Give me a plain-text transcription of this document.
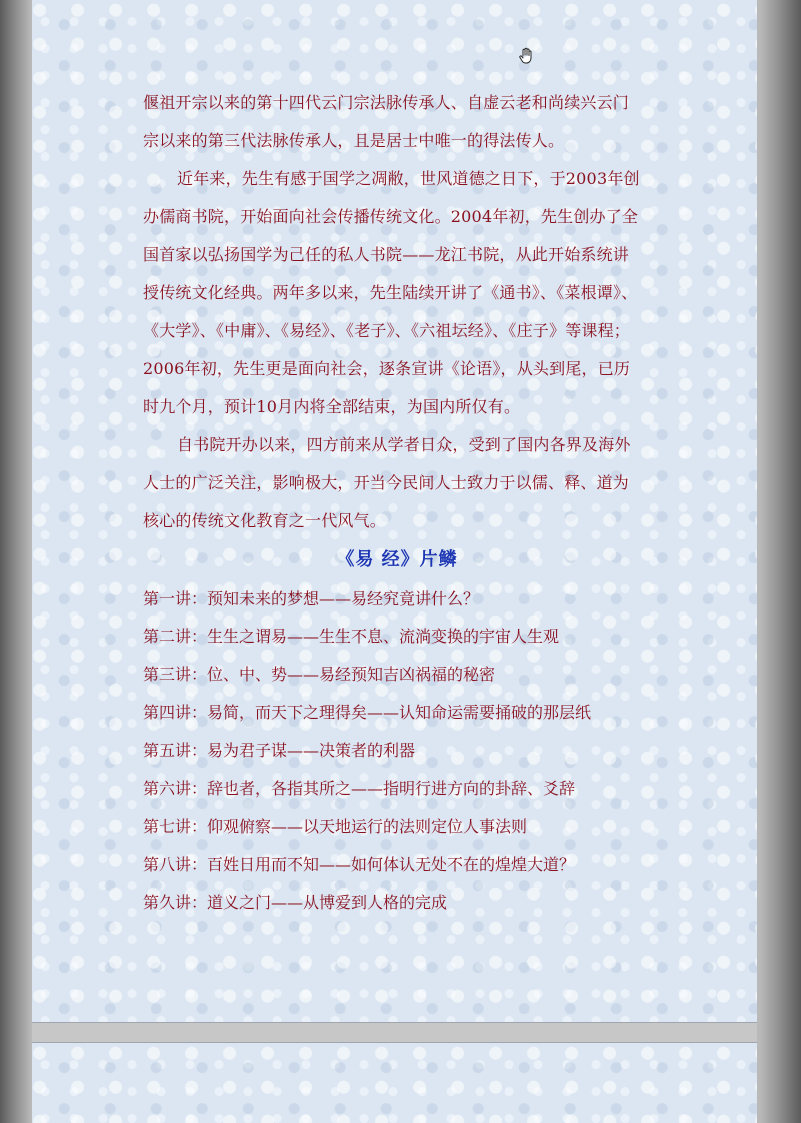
偃祖开宗以来的第十四代云门宗法脉传承人、自虚云老和尚续兴云门
宗以来的第三代法脉传承人，且是居士中唯一的得法传人。
近年来，先生有感于国学之凋敝，世风道德之日下，于2003年创
办儒商书院，开始面向社会传播传统文化。2004年初，先生创办了全
国首家以弘扬国学为己任的私人书院——龙江书院，从此开始系统讲
授传统文化经典。两年多以来，先生陆续开讲了《通书》、《菜根谭》、
《大学》、《中庸》、《易经》、《老子》、《六祖坛经》、《庄子》等课程；
2006年初，先生更是面向社会，逐条宣讲《论语》，从头到尾，已历
时九个月，预计10月内将全部结束，为国内所仅有。
自书院开办以来，四方前来从学者日众，受到了国内各界及海外
人士的广泛关注，影响极大，开当今民间人士致力于以儒、释、道为
核心的传统文化教育之一代风气。
《易 经》片鳞
第一讲：预知未来的梦想——易经究竟讲什么？
第二讲：生生之谓易——生生不息、流淌变换的宇宙人生观
第三讲：位、中、势——易经预知吉凶祸福的秘密
第四讲：易简，而天下之理得矣——认知命运需要捅破的那层纸
第五讲：易为君子谋——决策者的利器
第六讲：辞也者，各指其所之——指明行进方向的卦辞、爻辞
第七讲：仰观俯察——以天地运行的法则定位人事法则
第八讲：百姓日用而不知——如何体认无处不在的煌煌大道？
第久讲：道义之门——从博爱到人格的完成
